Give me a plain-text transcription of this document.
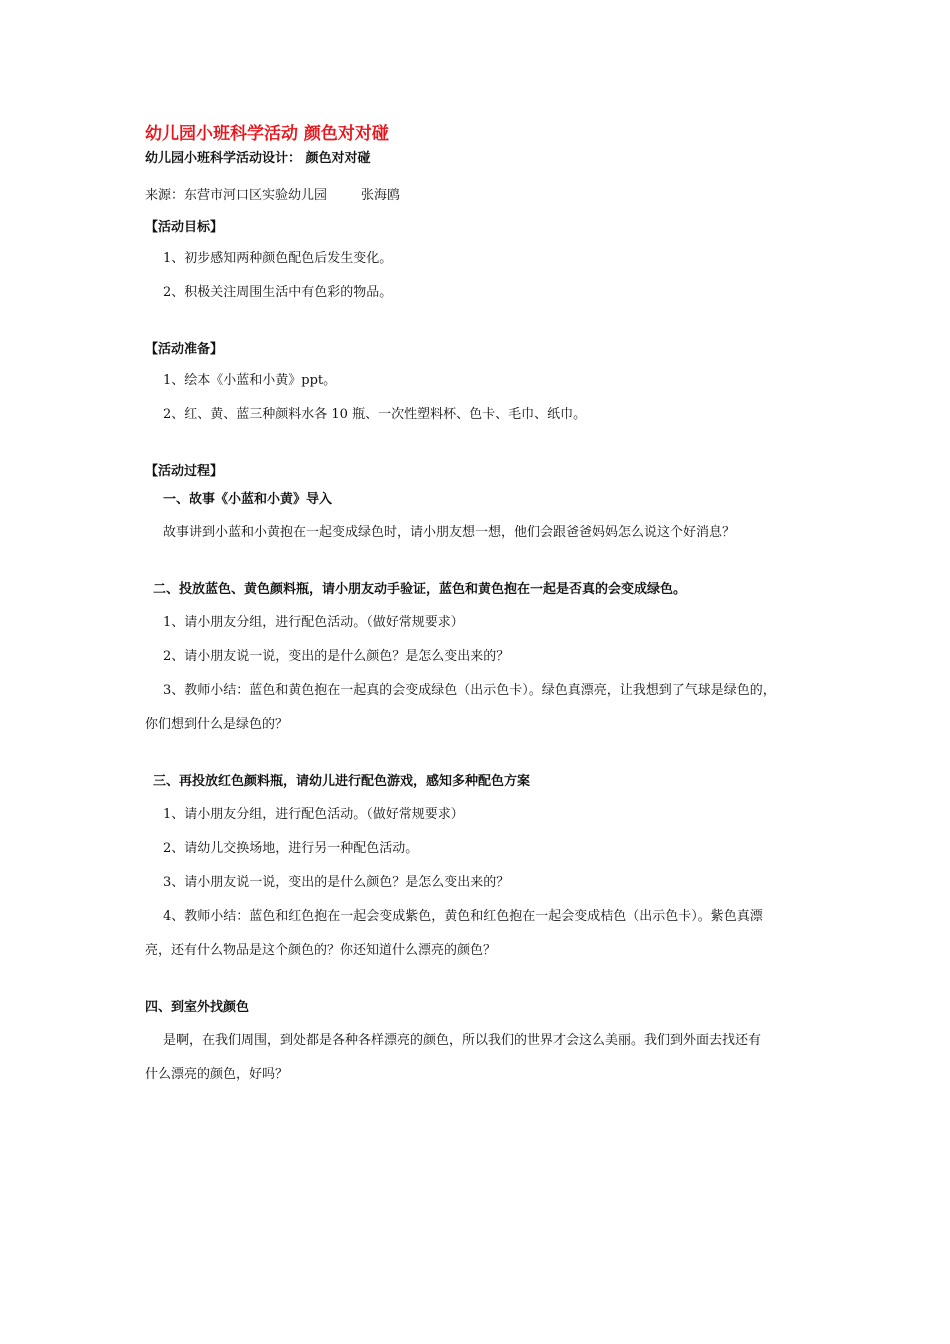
幼儿园小班科学活动 颜色对对碰
幼儿园小班科学活动设计： 颜色对对碰
来源：东营市河口区实验幼儿园	张海鸥
【活动目标】

1、初步感知两种颜色配色后发生变化。

2、积极关注周围生活中有色彩的物品。

【活动准备】

1、绘本《小蓝和小黄》ppt。

2、红、黄、蓝三种颜料水各 10 瓶、一次性塑料杯、色卡、毛巾、纸巾。

【活动过程】
一、故事《小蓝和小黄》导入

故事讲到小蓝和小黄抱在一起变成绿色时，请小朋友想一想，他们会跟爸爸妈妈怎么说这个好消息？

二、投放蓝色、黄色颜料瓶，请小朋友动手验证，蓝色和黄色抱在一起是否真的会变成绿色。

1、请小朋友分组，进行配色活动。（做好常规要求）

2、请小朋友说一说，变出的是什么颜色？是怎么变出来的？

3、教师小结：蓝色和黄色抱在一起真的会变成绿色（出示色卡）。绿色真漂亮，让我想到了气球是绿色的，

你们想到什么是绿色的？

三、再投放红色颜料瓶，请幼儿进行配色游戏，感知多种配色方案

1、请小朋友分组，进行配色活动。（做好常规要求）

2、请幼儿交换场地，进行另一种配色活动。

3、请小朋友说一说，变出的是什么颜色？是怎么变出来的？

4、教师小结：蓝色和红色抱在一起会变成紫色，黄色和红色抱在一起会变成桔色（出示色卡）。紫色真漂

亮，还有什么物品是这个颜色的？你还知道什么漂亮的颜色？

四、到室外找颜色

是啊，在我们周围，到处都是各种各样漂亮的颜色，所以我们的世界才会这么美丽。我们到外面去找还有

什么漂亮的颜色，好吗？
